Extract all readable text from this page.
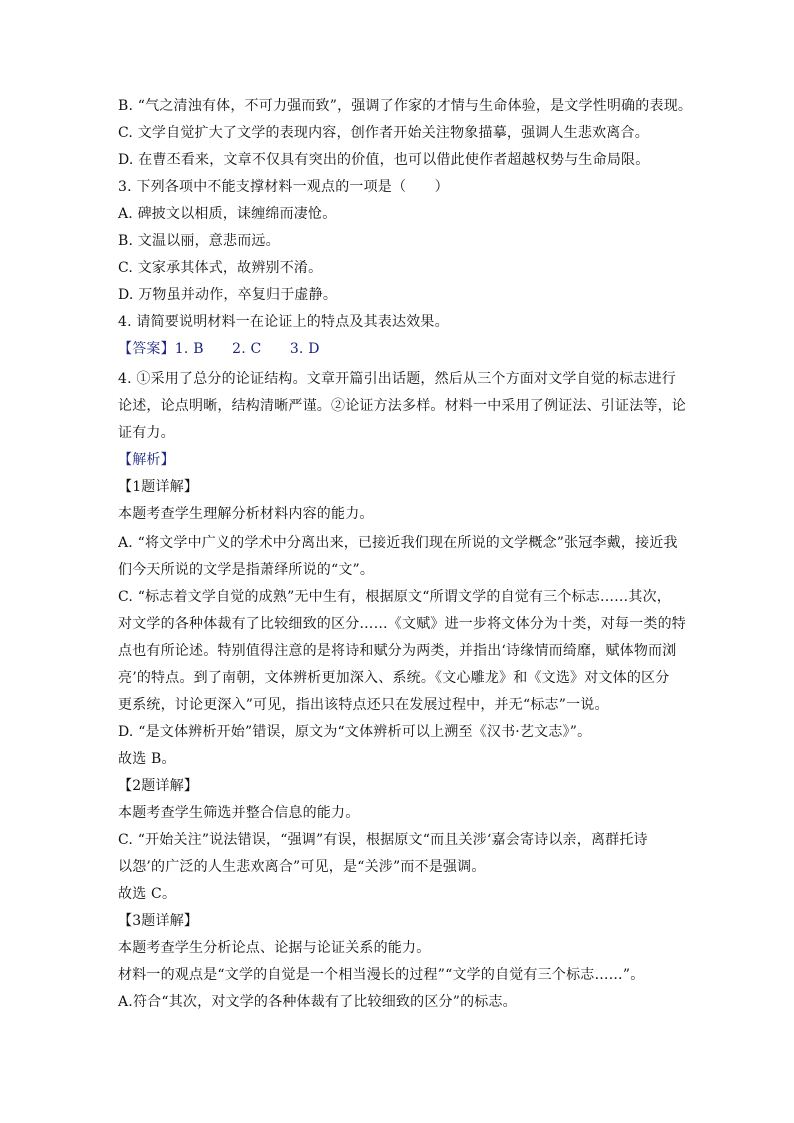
B. “气之清浊有体，不可力强而致”，强调了作家的才情与生命体验，是文学性明确的表现。
C. 文学自觉扩大了文学的表现内容，创作者开始关注物象描摹，强调人生悲欢离合。
D. 在曹丕看来，文章不仅具有突出的价值，也可以借此使作者超越权势与生命局限。
3. 下列各项中不能支撑材料一观点的一项是（　　）
A. 碑披文以相质，诔缠绵而凄怆。
B. 文温以丽，意悲而远。
C. 文家承其体式，故辨别不淆。
D. 万物虽并动作，卒复归于虚静。
4. 请简要说明材料一在论证上的特点及其表达效果。
【答案】1. B　　2. C　　3. D
4. ①采用了总分的论证结构。文章开篇引出话题，然后从三个方面对文学自觉的标志进行
论述，论点明晰，结构清晰严谨。②论证方法多样。材料一中采用了例证法、引证法等，论
证有力。
【解析】
【1题详解】
本题考查学生理解分析材料内容的能力。
A. “将文学中广义的学术中分离出来，已接近我们现在所说的文学概念”张冠李戴，接近我
们今天所说的文学是指萧绎所说的“文”。
C. “标志着文学自觉的成熟”无中生有，根据原文“所谓文学的自觉有三个标志……其次，
对文学的各种体裁有了比较细致的区分……《文赋》进一步将文体分为十类，对每一类的特
点也有所论述。特别值得注意的是将诗和赋分为两类，并指出‘诗缘情而绮靡，赋体物而浏
亮’的特点。到了南朝，文体辨析更加深入、系统。《文心雕龙》和《文选》对文体的区分
更系统，讨论更深入”可见，指出该特点还只在发展过程中，并无“标志”一说。
D. “是文体辨析开始”错误，原文为“文体辨析可以上溯至《汉书·艺文志》”。
故选 B。
【2题详解】
本题考查学生筛选并整合信息的能力。
C. “开始关注”说法错误，“强调”有误，根据原文“而且关涉‘嘉会寄诗以亲，离群托诗
以怨’的广泛的人生悲欢离合”可见，是“关涉”而不是强调。
故选 C。
【3题详解】
本题考查学生分析论点、论据与论证关系的能力。
材料一的观点是“文学的自觉是一个相当漫长的过程”“文学的自觉有三个标志……”。
A.符合“其次，对文学的各种体裁有了比较细致的区分”的标志。
